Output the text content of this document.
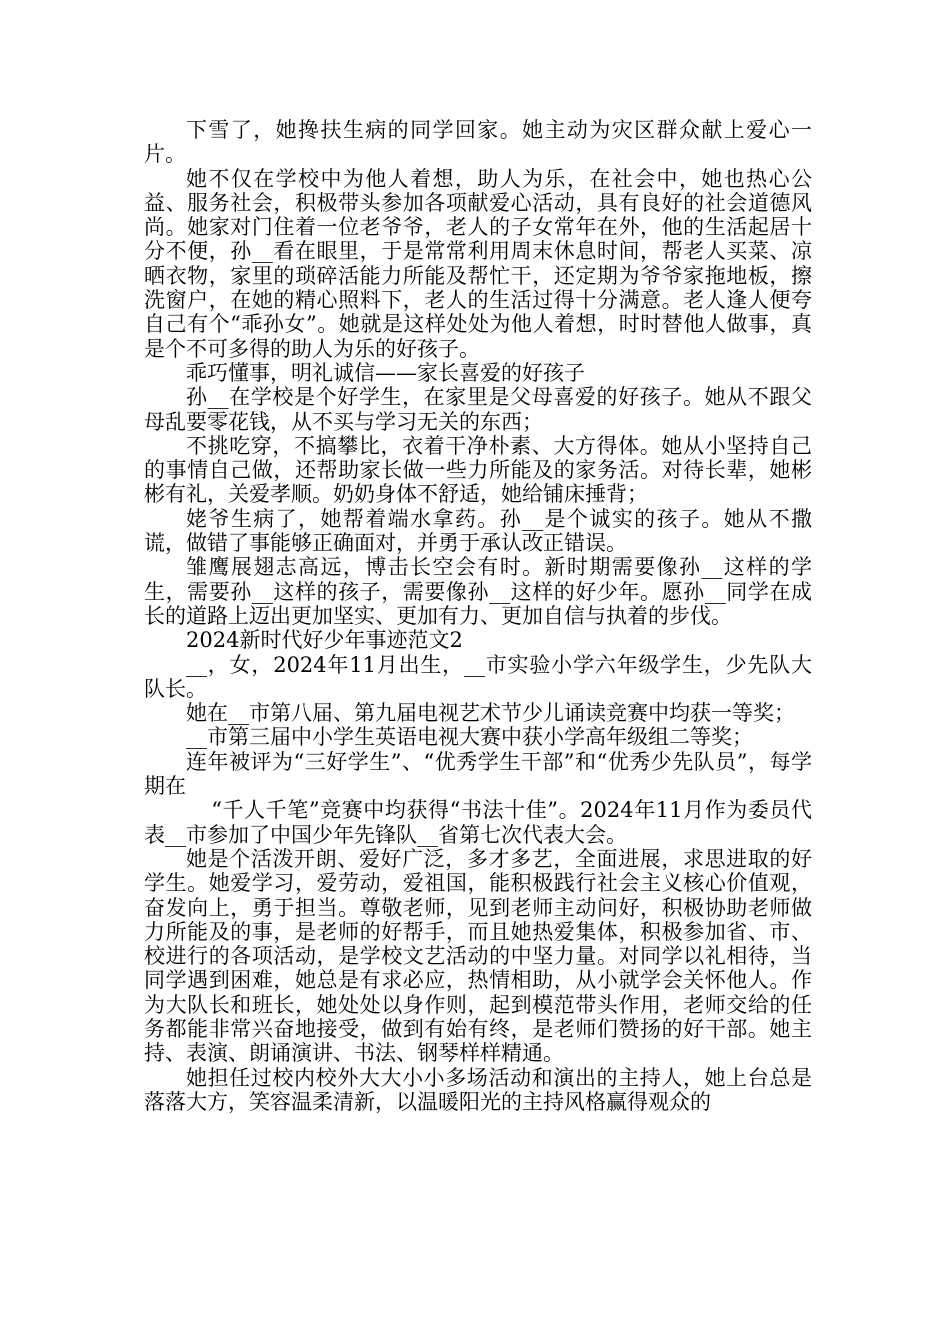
下雪了，她搀扶生病的同学回家。她主动为灾区群众献上爱心一片。

她不仅在学校中为他人着想，助人为乐，在社会中，她也热心公益、服务社会，积极带头参加各项献爱心活动，具有良好的社会道德风尚。她家对门住着一位老爷爷，老人的子女常年在外，他的生活起居十分不便，孙__看在眼里，于是常常利用周末休息时间，帮老人买菜、凉晒衣物，家里的琐碎活能力所能及帮忙干，还定期为爷爷家拖地板，擦洗窗户，在她的精心照料下，老人的生活过得十分满意。老人逢人便夸自己有个“乖孙女”。她就是这样处处为他人着想，时时替他人做事，真是个不可多得的助人为乐的好孩子。

乖巧懂事，明礼诚信——家长喜爱的好孩子

孙__在学校是个好学生，在家里是父母喜爱的好孩子。她从不跟父母乱要零花钱，从不买与学习无关的东西；

不挑吃穿，不搞攀比，衣着干净朴素、大方得体。她从小坚持自己的事情自己做，还帮助家长做一些力所能及的家务活。对待长辈，她彬彬有礼，关爱孝顺。奶奶身体不舒适，她给铺床捶背；

姥爷生病了，她帮着端水拿药。孙__是个诚实的孩子。她从不撒谎，做错了事能够正确面对，并勇于承认改正错误。

雏鹰展翅志高远，博击长空会有时。新时期需要像孙__这样的学生，需要孙__这样的孩子，需要像孙__这样的好少年。愿孙__同学在成长的道路上迈出更加坚实、更加有力、更加自信与执着的步伐。

2024新时代好少年事迹范文2

__，女，2024年11月出生，__市实验小学六年级学生，少先队大队长。

她在__市第八届、第九届电视艺术节少儿诵读竞赛中均获一等奖；

__市第三届中小学生英语电视大赛中获小学高年级组二等奖；

连年被评为“三好学生”、“优秀学生干部”和“优秀少先队员”，每学期在

“千人千笔”竞赛中均获得“书法十佳”。2024年11月作为委员代表__市参加了中国少年先锋队__省第七次代表大会。

她是个活泼开朗、爱好广泛，多才多艺，全面进展，求思进取的好学生。她爱学习，爱劳动，爱祖国，能积极践行社会主义核心价值观，奋发向上，勇于担当。尊敬老师，见到老师主动问好，积极协助老师做力所能及的事，是老师的好帮手，而且她热爱集体，积极参加省、市、校进行的各项活动，是学校文艺活动的中坚力量。对同学以礼相待，当同学遇到困难，她总是有求必应，热情相助，从小就学会关怀他人。作为大队长和班长，她处处以身作则，起到模范带头作用，老师交给的任务都能非常兴奋地接受，做到有始有终，是老师们赞扬的好干部。她主持、表演、朗诵演讲、书法、钢琴样样精通。

她担任过校内校外大大小小多场活动和演出的主持人，她上台总是落落大方，笑容温柔清新，以温暖阳光的主持风格赢得观众的
